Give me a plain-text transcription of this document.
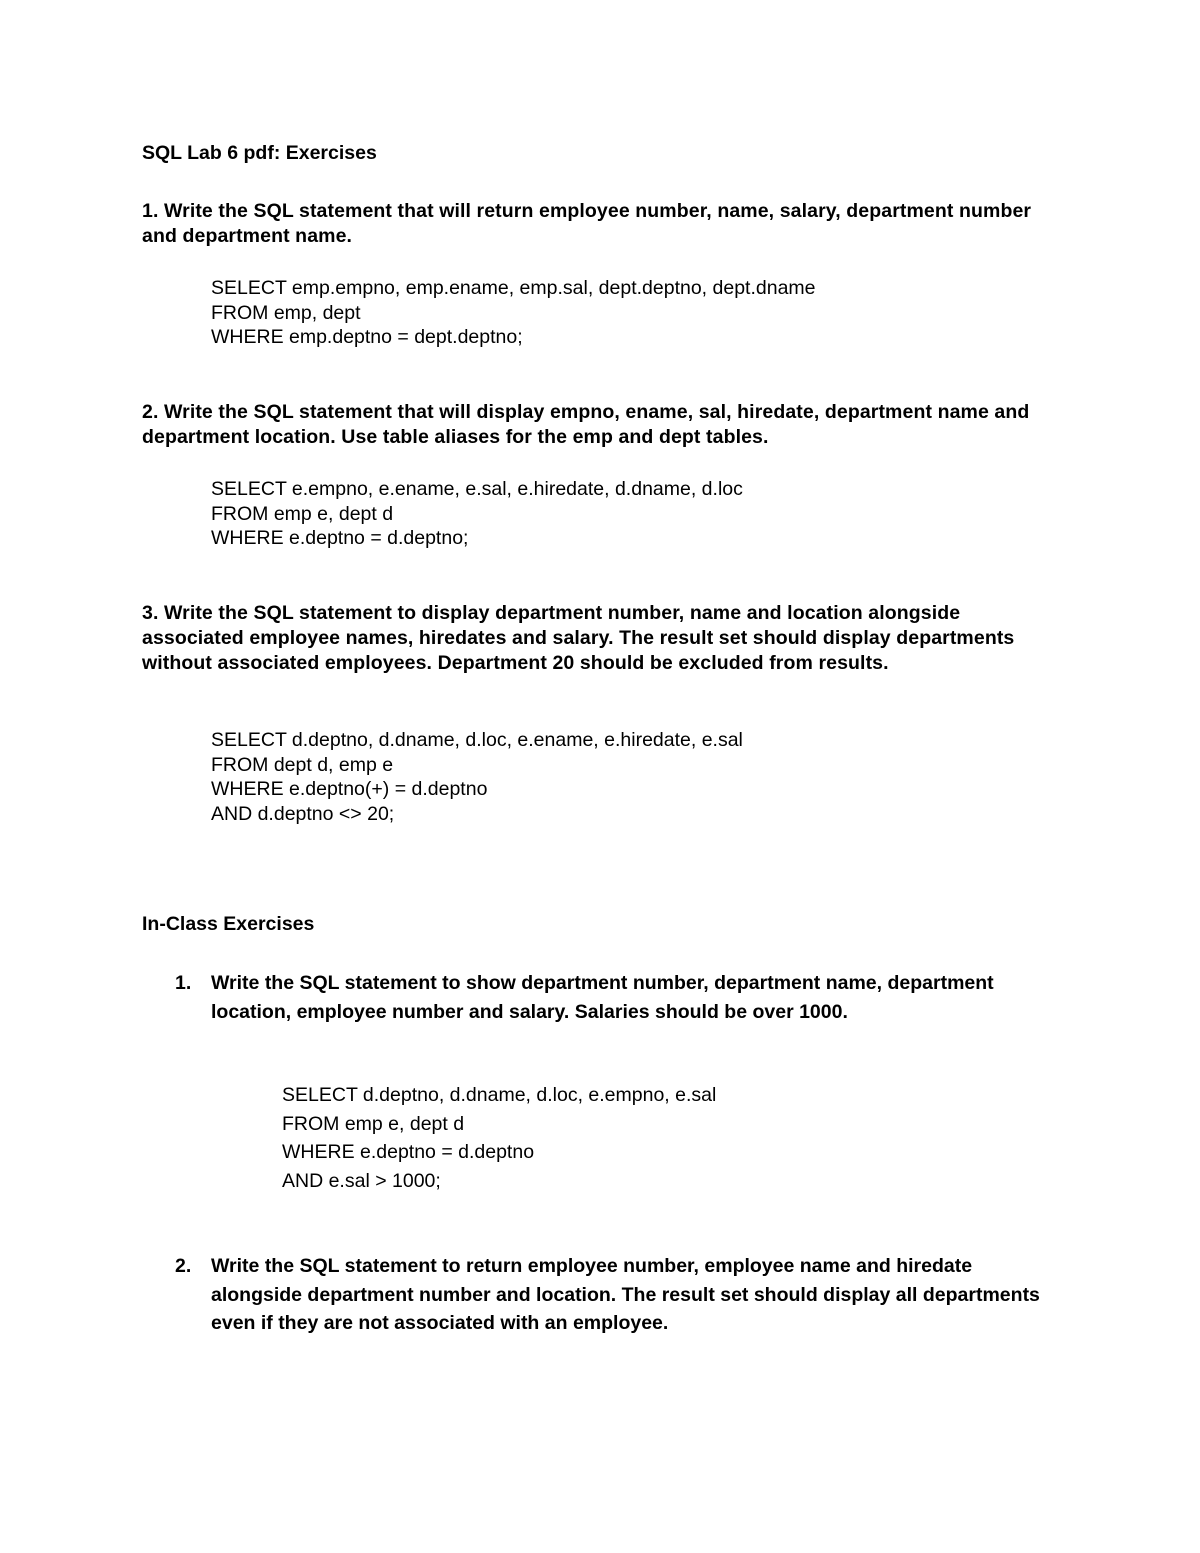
SQL Lab 6 pdf: Exercises

1. Write the SQL statement that will return employee number, name, salary, department number and department name.

SELECT emp.empno, emp.ename, emp.sal, dept.deptno, dept.dname
FROM emp, dept
WHERE emp.deptno = dept.deptno;

2. Write the SQL statement that will display empno, ename, sal, hiredate, department name and department location. Use table aliases for the emp and dept tables.

SELECT e.empno, e.ename, e.sal, e.hiredate, d.dname, d.loc
FROM emp e, dept d
WHERE e.deptno = d.deptno;

3. Write the SQL statement to display department number, name and location alongside associated employee names, hiredates and salary. The result set should display departments without associated employees. Department 20 should be excluded from results.

SELECT d.deptno, d.dname, d.loc, e.ename, e.hiredate, e.sal
FROM dept d, emp e
WHERE e.deptno(+) = d.deptno
AND d.deptno <> 20;

In-Class Exercises

1. Write the SQL statement to show department number, department name, department location, employee number and salary. Salaries should be over 1000.
SELECT d.deptno, d.dname, d.loc, e.empno, e.sal
FROM emp e, dept d
WHERE e.deptno = d.deptno
AND e.sal > 1000;
2. Write the SQL statement to return employee number, employee name and hiredate alongside department number and location. The result set should display all departments even if they are not associated with an employee.
